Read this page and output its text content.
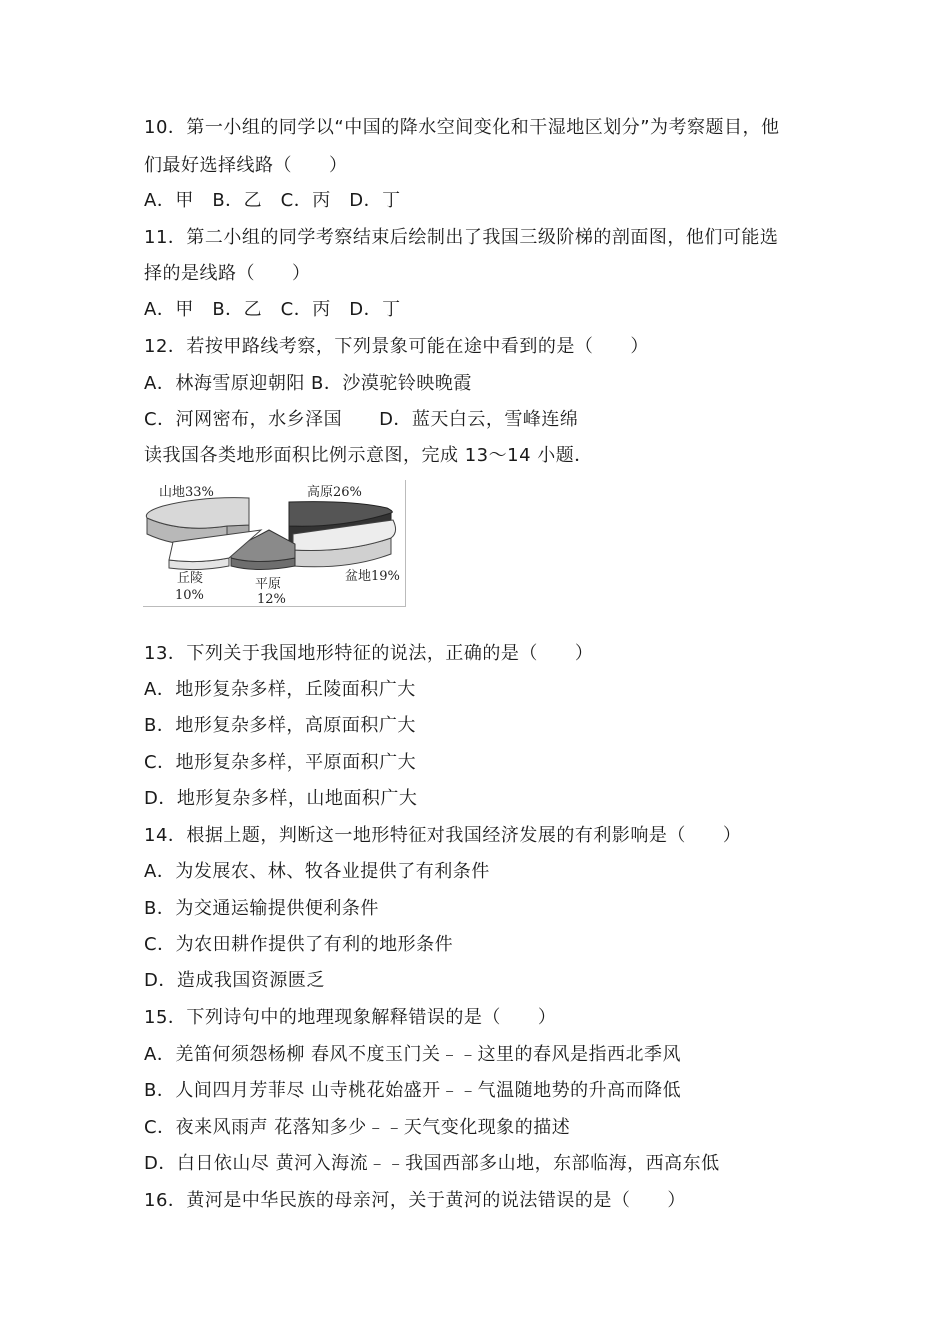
10．第一小组的同学以“中国的降水空间变化和干湿地区划分”为考察题目，他
们最好选择线路（　　）
A．甲　B．乙　C．丙　D．丁
11．第二小组的同学考察结束后绘制出了我国三级阶梯的剖面图，他们可能选
择的是线路（　　）
A．甲　B．乙　C．丙　D．丁
12．若按甲路线考察，下列景象可能在途中看到的是（　　）
A．林海雪原迎朝阳 B．沙漠驼铃映晚霞
C．河网密布，水乡泽国　　D．蓝天白云，雪峰连绵
读我国各类地形面积比例示意图，完成 13～14 小题．
山地33%	高原26%
盆地19%
丘陵
10%
平原
12%
13．下列关于我国地形特征的说法，正确的是（　　）
A．地形复杂多样，丘陵面积广大
B．地形复杂多样，高原面积广大
C．地形复杂多样，平原面积广大
D．地形复杂多样，山地面积广大
14．根据上题，判断这一地形特征对我国经济发展的有利影响是（　　）
A．为发展农、林、牧各业提供了有利条件
B．为交通运输提供便利条件
C．为农田耕作提供了有利的地形条件
D．造成我国资源匮乏
15．下列诗句中的地理现象解释错误的是（　　）
A．羌笛何须怨杨柳 春风不度玉门关﹣﹣这里的春风是指西北季风
B．人间四月芳菲尽 山寺桃花始盛开﹣﹣气温随地势的升高而降低
C．夜来风雨声 花落知多少﹣﹣天气变化现象的描述
D．白日依山尽 黄河入海流﹣﹣我国西部多山地，东部临海，西高东低
16．黄河是中华民族的母亲河，关于黄河的说法错误的是（　　）
